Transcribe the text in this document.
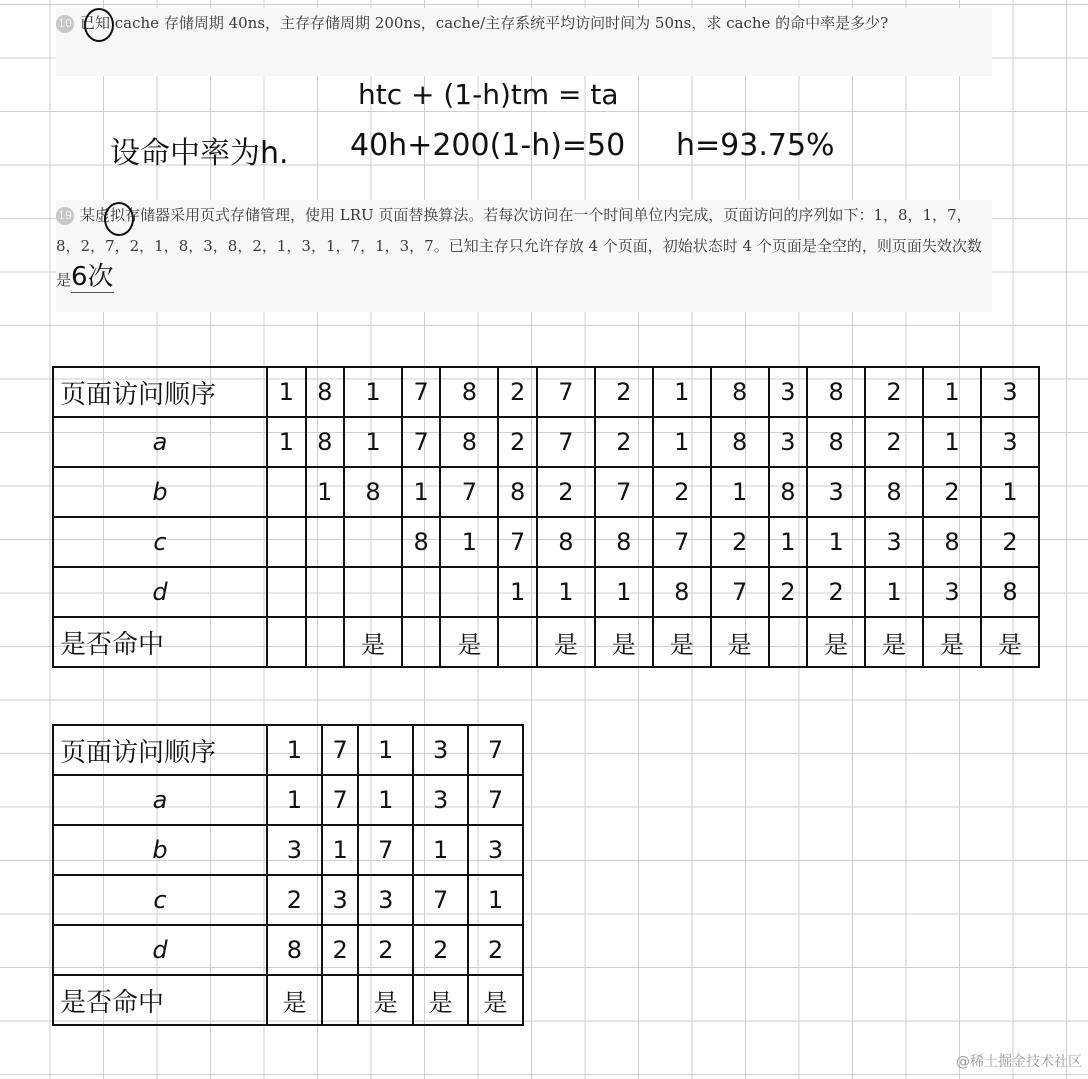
10 已知 cache 存储周期 40ns，主存存储周期 200ns，cache/主存系统平均访问时间为 50ns，求 cache 的命中率是多少?
htc + (1-h)tm = ta
设命中率为h. 40h+200(1-h)=50 h=93.75%
19 某虚拟存储器采用页式存储管理，使用 LRU 页面替换算法。若每次访问在一个时间单位内完成，页面访问的序列如下：1，8，1，7，8，2，7，2，1，8，3，8，2，1，3，1，7，1，3，7。已知主存只允许存放 4 个页面，初始状态时 4 个页面是全空的，则页面失效次数是6次
页面访问顺序	1	8	1	7	8	2	7	2	1	8	3	8	2	1	3
a	1	8	1	7	8	2	7	2	1	8	3	8	2	1	3
b		1	8	1	7	8	2	7	2	1	8	3	8	2	1
c				8	1	7	8	8	7	2	1	1	3	8	2
d						1	1	1	8	7	2	2	1	3	8
是否命中			是		是		是	是	是	是		是	是	是	是
页面访问顺序	1	7	1	3	7
a	1	7	1	3	7
b	3	1	7	1	3
c	2	3	3	7	1
d	8	2	2	2	2
是否命中	是		是	是	是
@稀土掘金技术社区
